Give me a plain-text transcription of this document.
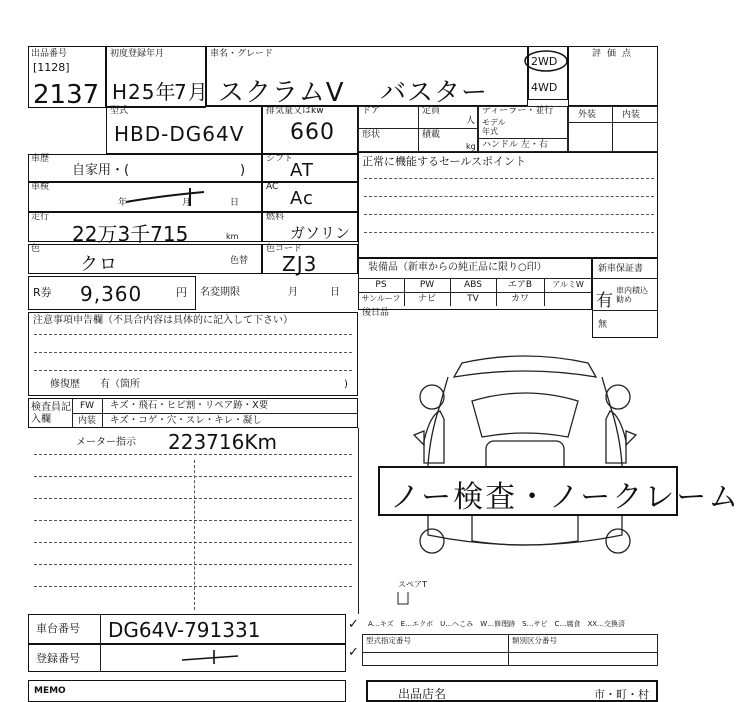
出品番号
[1128]
2137
初度登録年月
H25年
7月
車名・グレード
スクラムV バスター
2WD
4WD
評価点
型式
HBD-DG64V
排気量又はkw
660
ドア	定員
人
形状	積載
kg
ディーラー・並行
モデル年式
ハンドル 左・右
外装	内装
車歴
自家用・(	)
シフト
AT
車検
年	月	日
AC
Ac
走行
22万3千715	km
燃料
ガソリン
色
クロ	色替
色コード
ZJ3
正常に機能するセールスポイント
装備品（新車からの純正品に限り○印）
PS	PW	ABS	エアB	アルミW
サンルーフ	ナビ	TV	カワ
後日品
新車保証書
有
車内積込勧め
無
R券 9,360	円 名変期限	月	日
注意事項申告欄（不具合内容は具体的に記入して下さい）
修復歴　　有（箇所	)
検査員記入欄
FW	キズ・飛石・ヒビ割・リペア跡・X要
内装	キズ・コゲ・穴・スレ・キレ・凝し
メーター指示 223716Km
ノー検査・ノークレーム
スペアT
車台番号 DG64V-791331
登録番号
✓
✓
A…キズ　E…エクボ　U…ヘこみ　W…修理跡　S…サビ　C…腐食　XX…交換済
型式指定番号	類別区分番号
MEMO	出品店名	市・町・村
